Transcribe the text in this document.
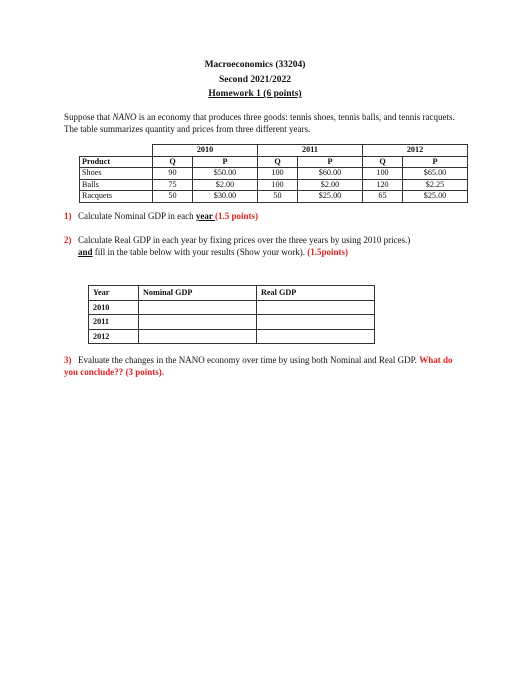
Macroeconomics (33204)
Second 2021/2022
Homework 1 (6 points)
Suppose that NANO is an economy that produces three goods: tennis shoes, tennis balls, and tennis racquets. The table summarizes quantity and prices from three different years.
	2010		2011		2012	
Product	Q	P	Q	P	Q	P
Shoes	90	$50.00	100	$60.00	100	$65.00
Balls	75	$2.00	100	$2.00	120	$2.25
Racquets	50	$30.00	50	$25.00	65	$25.00
1) Calculate Nominal GDP in each year (1.5 points)
2) Calculate Real GDP in each year by fixing prices over the three years by using 2010 prices.)
and fill in the table below with your results (Show your work). (1.5points)
Year	Nominal GDP	Real GDP
2010		
2011		
2012		
3) Evaluate the changes in the NANO economy over time by using both Nominal and Real GDP. What do you conclude?? (3 points).
